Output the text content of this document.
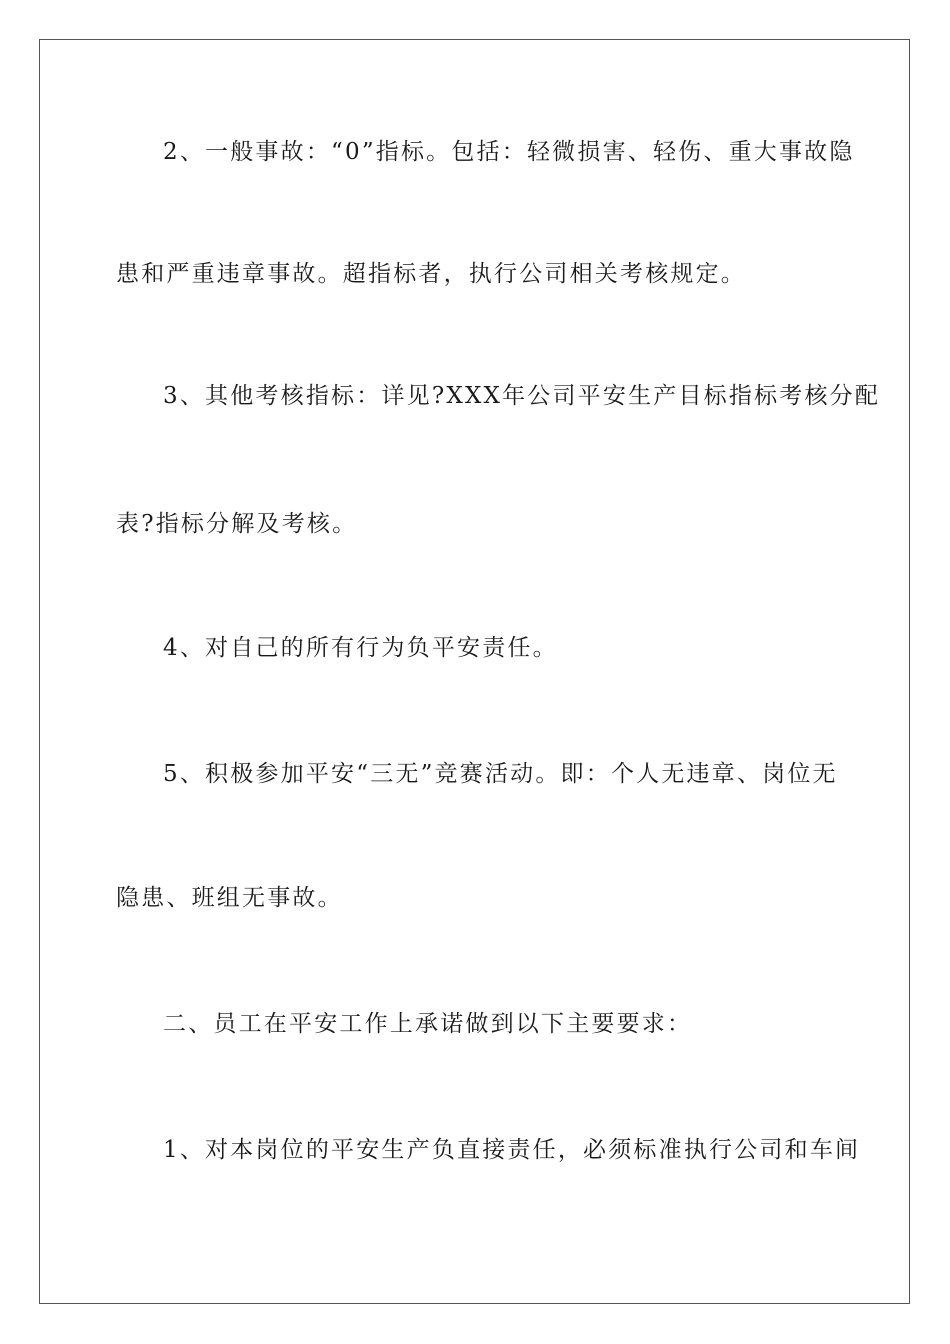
2、一般事故：“0”指标。包括：轻微损害、轻伤、重大事故隐
患和严重违章事故。超指标者，执行公司相关考核规定。
3、其他考核指标：详见?XXX年公司平安生产目标指标考核分配
表?指标分解及考核。
4、对自己的所有行为负平安责任。
5、积极参加平安“三无”竞赛活动。即：个人无违章、岗位无
隐患、班组无事故。
二、员工在平安工作上承诺做到以下主要要求：
1、对本岗位的平安生产负直接责任，必须标准执行公司和车间
